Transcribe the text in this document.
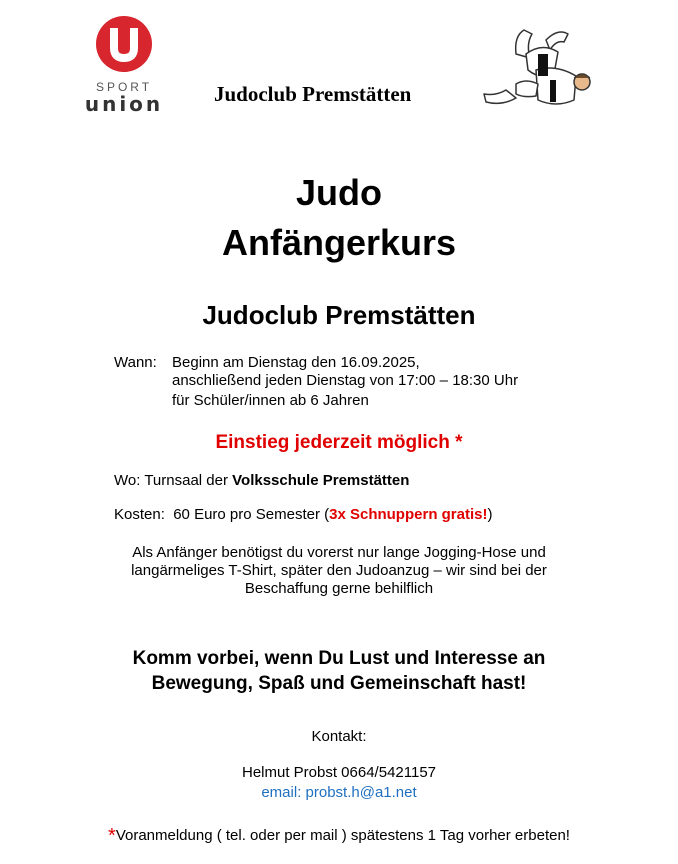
SPORT
union	Judoclub Premstätten
Judo
Anfängerkurs
Judoclub Premstätten
Wann: Beginn am Dienstag den 16.09.2025,
anschließend jeden Dienstag von 17:00 – 18:30 Uhr
für Schüler/innen ab 6 Jahren
Einstieg jederzeit möglich *
Wo: Turnsaal der Volksschule Premstätten
Kosten: 60 Euro pro Semester (3x Schnuppern gratis!)
Als Anfänger benötigst du vorerst nur lange Jogging-Hose und
langärmeliges T-Shirt, später den Judoanzug – wir sind bei der
Beschaffung gerne behilflich
Komm vorbei, wenn Du Lust und Interesse an
Bewegung, Spaß und Gemeinschaft hast!
Kontakt:
Helmut Probst 0664/5421157
email: probst.h@a1.net
*Voranmeldung ( tel. oder per mail ) spätestens 1 Tag vorher erbeten!
